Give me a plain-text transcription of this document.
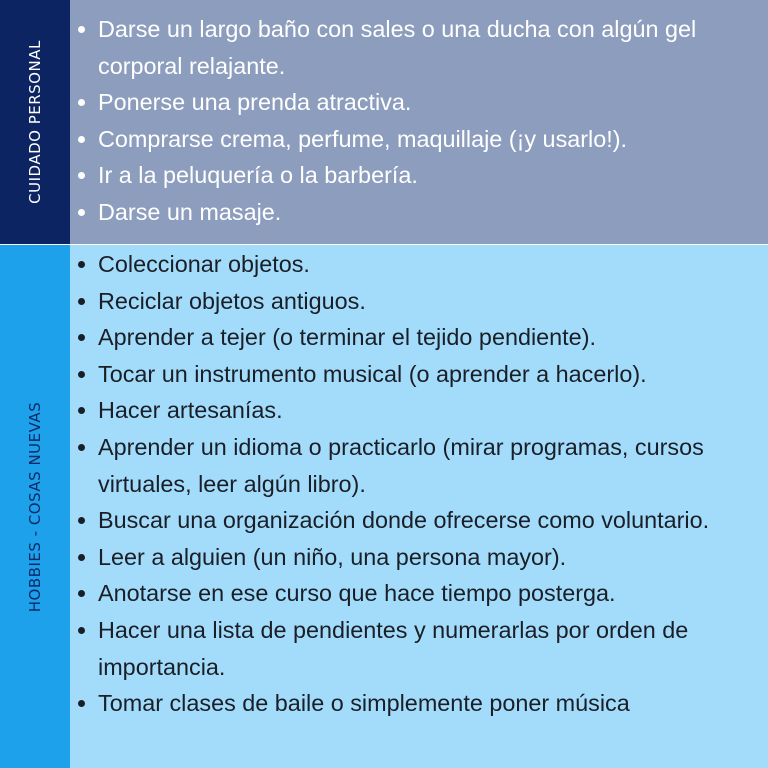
CUIDADO PERSONAL
Darse un largo baño con sales o una ducha con algún gel corporal relajante.
Ponerse una prenda atractiva.
Comprarse crema, perfume, maquillaje (¡y usarlo!).
Ir a la peluquería o la barbería.
Darse un masaje.
HOBBIES - COSAS NUEVAS
Coleccionar objetos.
Reciclar objetos antiguos.
Aprender a tejer (o terminar el tejido pendiente).
Tocar un instrumento musical (o aprender a hacerlo).
Hacer artesanías.
Aprender un idioma o practicarlo (mirar programas, cursos virtuales, leer algún libro).
Buscar una organización donde ofrecerse como voluntario.
Leer a alguien (un niño, una persona mayor).
Anotarse en ese curso que hace tiempo posterga.
Hacer una lista de pendientes y numerarlas por orden de importancia.
Tomar clases de baile o simplemente poner música
